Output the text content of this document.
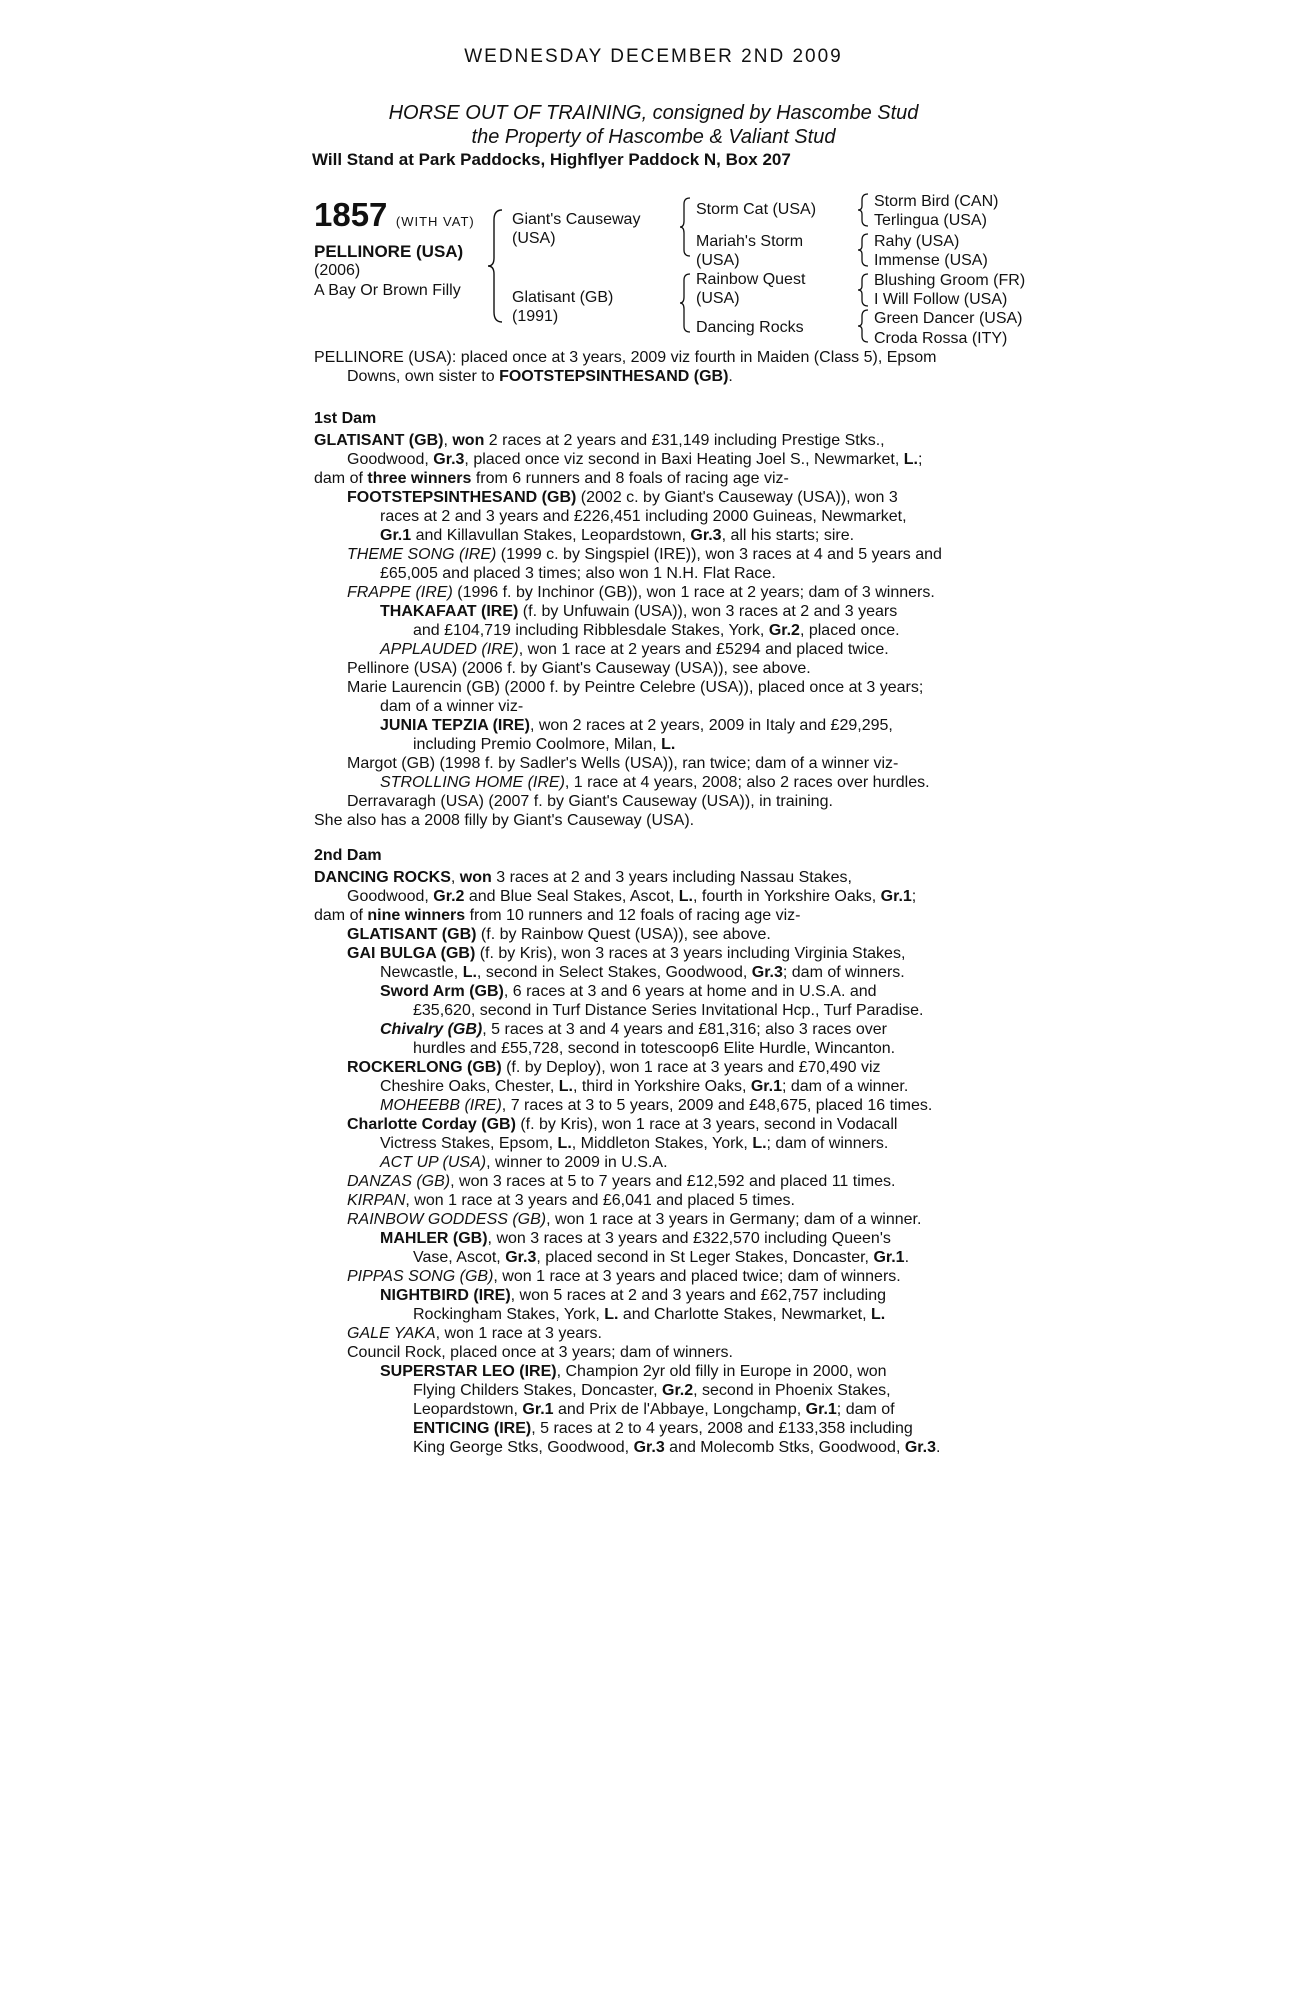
WEDNESDAY DECEMBER 2ND 2009
HORSE OUT OF TRAINING, consigned by Hascombe Stud
the Property of Hascombe & Valiant Stud
Will Stand at Park Paddocks, Highflyer Paddock N, Box 207
1857 (WITH VAT)
PELLINORE (USA)
(2006)
A Bay Or Brown Filly
Giant's Causeway
(USA)
Glatisant (GB)
(1991)
Storm Cat (USA)
Mariah's Storm
(USA)
Rainbow Quest
(USA)
Dancing Rocks
Storm Bird (CAN)
Terlingua (USA)
Rahy (USA)
Immense (USA)
Blushing Groom (FR)
I Will Follow (USA)
Green Dancer (USA)
Croda Rossa (ITY)
PELLINORE (USA): placed once at 3 years, 2009 viz fourth in Maiden (Class 5), Epsom
Downs, own sister to FOOTSTEPSINTHESAND (GB).
1st Dam
GLATISANT (GB), won 2 races at 2 years and £31,149 including Prestige Stks.,
Goodwood, Gr.3, placed once viz second in Baxi Heating Joel S., Newmarket, L.;
dam of three winners from 6 runners and 8 foals of racing age viz-
FOOTSTEPSINTHESAND (GB) (2002 c. by Giant's Causeway (USA)), won 3
races at 2 and 3 years and £226,451 including 2000 Guineas, Newmarket,
Gr.1 and Killavullan Stakes, Leopardstown, Gr.3, all his starts; sire.
THEME SONG (IRE) (1999 c. by Singspiel (IRE)), won 3 races at 4 and 5 years and
£65,005 and placed 3 times; also won 1 N.H. Flat Race.
FRAPPE (IRE) (1996 f. by Inchinor (GB)), won 1 race at 2 years; dam of 3 winners.
THAKAFAAT (IRE) (f. by Unfuwain (USA)), won 3 races at 2 and 3 years
and £104,719 including Ribblesdale Stakes, York, Gr.2, placed once.
APPLAUDED (IRE), won 1 race at 2 years and £5294 and placed twice.
Pellinore (USA) (2006 f. by Giant's Causeway (USA)), see above.
Marie Laurencin (GB) (2000 f. by Peintre Celebre (USA)), placed once at 3 years;
dam of a winner viz-
JUNIA TEPZIA (IRE), won 2 races at 2 years, 2009 in Italy and £29,295,
including Premio Coolmore, Milan, L.
Margot (GB) (1998 f. by Sadler's Wells (USA)), ran twice; dam of a winner viz-
STROLLING HOME (IRE), 1 race at 4 years, 2008; also 2 races over hurdles.
Derravaragh (USA) (2007 f. by Giant's Causeway (USA)), in training.
She also has a 2008 filly by Giant's Causeway (USA).
2nd Dam
DANCING ROCKS, won 3 races at 2 and 3 years including Nassau Stakes,
Goodwood, Gr.2 and Blue Seal Stakes, Ascot, L., fourth in Yorkshire Oaks, Gr.1;
dam of nine winners from 10 runners and 12 foals of racing age viz-
GLATISANT (GB) (f. by Rainbow Quest (USA)), see above.
GAI BULGA (GB) (f. by Kris), won 3 races at 3 years including Virginia Stakes,
Newcastle, L., second in Select Stakes, Goodwood, Gr.3; dam of winners.
Sword Arm (GB), 6 races at 3 and 6 years at home and in U.S.A. and
£35,620, second in Turf Distance Series Invitational Hcp., Turf Paradise.
Chivalry (GB), 5 races at 3 and 4 years and £81,316; also 3 races over
hurdles and £55,728, second in totescoop6 Elite Hurdle, Wincanton.
ROCKERLONG (GB) (f. by Deploy), won 1 race at 3 years and £70,490 viz
Cheshire Oaks, Chester, L., third in Yorkshire Oaks, Gr.1; dam of a winner.
MOHEEBB (IRE), 7 races at 3 to 5 years, 2009 and £48,675, placed 16 times.
Charlotte Corday (GB) (f. by Kris), won 1 race at 3 years, second in Vodacall
Victress Stakes, Epsom, L., Middleton Stakes, York, L.; dam of winners.
ACT UP (USA), winner to 2009 in U.S.A.
DANZAS (GB), won 3 races at 5 to 7 years and £12,592 and placed 11 times.
KIRPAN, won 1 race at 3 years and £6,041 and placed 5 times.
RAINBOW GODDESS (GB), won 1 race at 3 years in Germany; dam of a winner.
MAHLER (GB), won 3 races at 3 years and £322,570 including Queen's
Vase, Ascot, Gr.3, placed second in St Leger Stakes, Doncaster, Gr.1.
PIPPAS SONG (GB), won 1 race at 3 years and placed twice; dam of winners.
NIGHTBIRD (IRE), won 5 races at 2 and 3 years and £62,757 including
Rockingham Stakes, York, L. and Charlotte Stakes, Newmarket, L.
GALE YAKA, won 1 race at 3 years.
Council Rock, placed once at 3 years; dam of winners.
SUPERSTAR LEO (IRE), Champion 2yr old filly in Europe in 2000, won
Flying Childers Stakes, Doncaster, Gr.2, second in Phoenix Stakes,
Leopardstown, Gr.1 and Prix de l'Abbaye, Longchamp, Gr.1; dam of
ENTICING (IRE), 5 races at 2 to 4 years, 2008 and £133,358 including
King George Stks, Goodwood, Gr.3 and Molecomb Stks, Goodwood, Gr.3.
